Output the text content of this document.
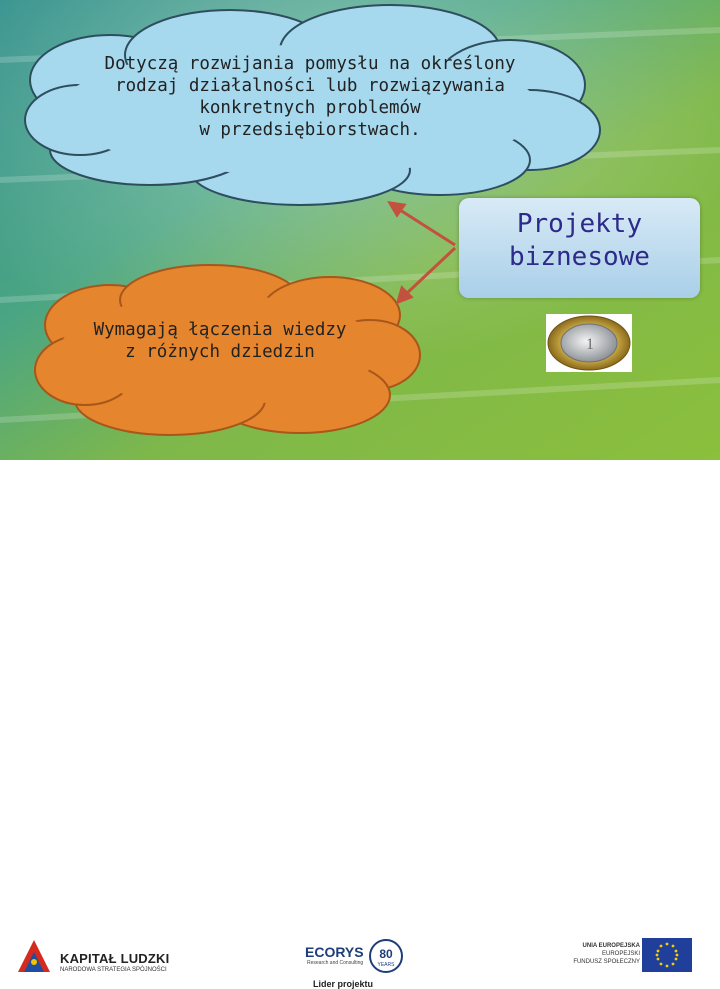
Dotyczą rozwijania pomysłu na określony
rodzaj działalności lub rozwiązywania
konkretnych problemów
w przedsiębiorstwach.
Wymagają łączenia wiedzy
z różnych dziedzin
Projekty
biznesowe
1
KAPITAŁ LUDZKI
NARODOWA STRATEGIA SPÓJNOŚCI
ECORYS
Research and Consulting
80
YEARS
Lider projektu
UNIA EUROPEJSKA
EUROPEJSKI
FUNDUSZ SPOŁECZNY
